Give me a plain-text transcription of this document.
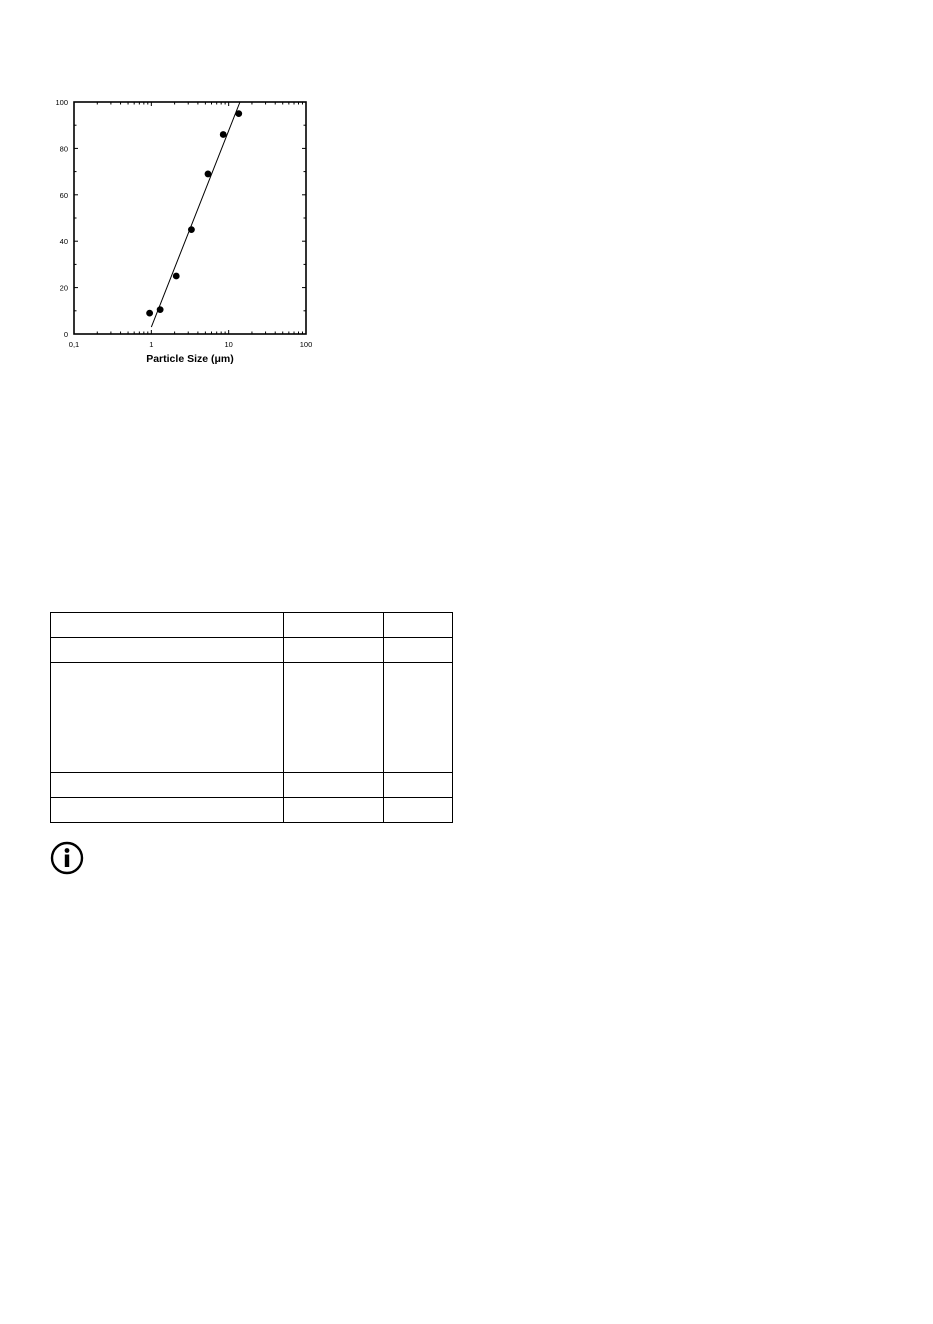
0
20
40
60
80
100
0,1	1	10	100
Particle Size (μm)
